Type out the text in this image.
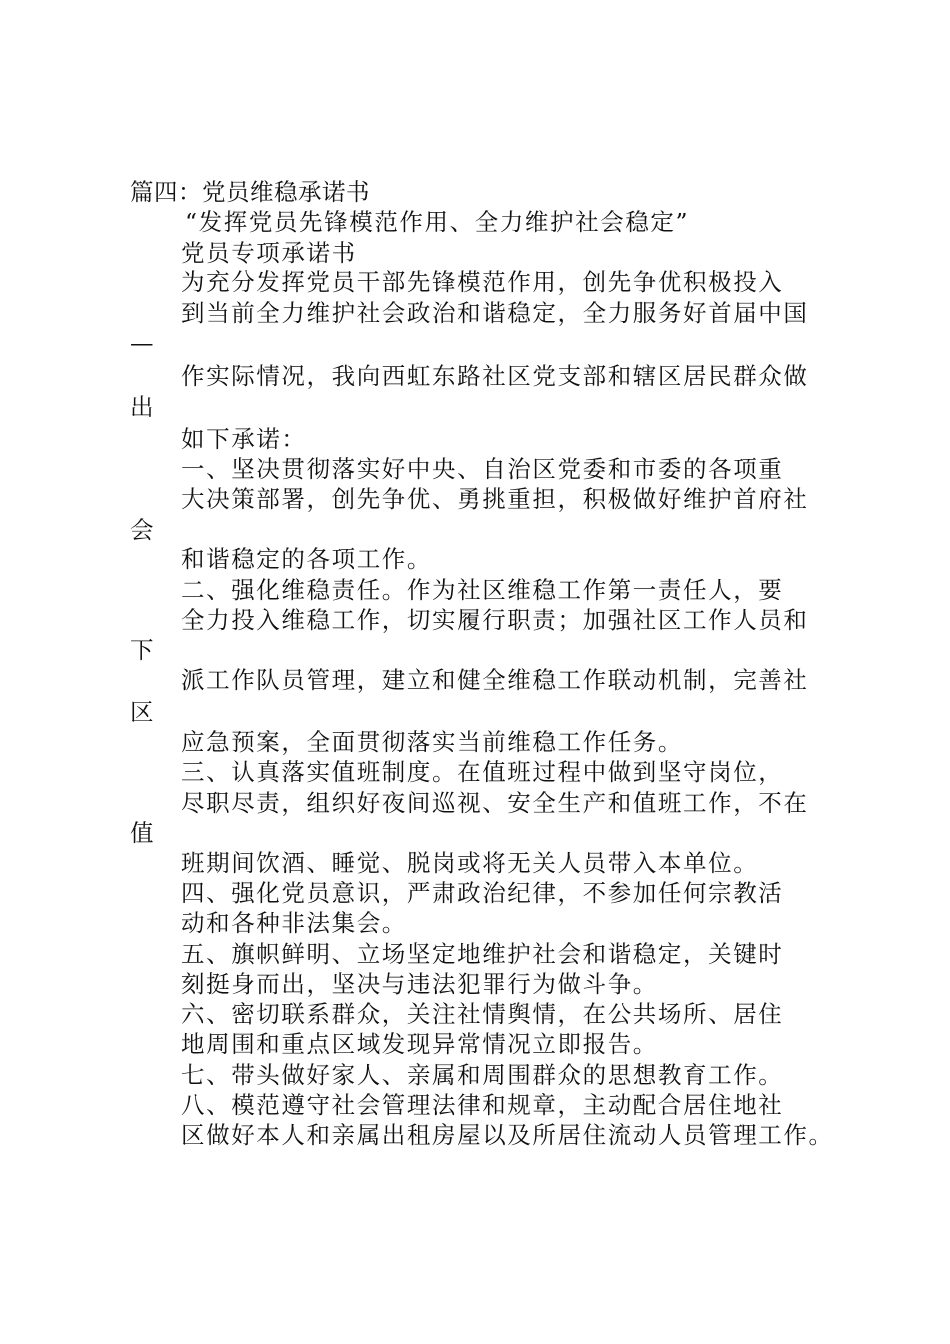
篇四：党员维稳承诺书
“发挥党员先锋模范作用、全力维护社会稳定”
党员专项承诺书
为充分发挥党员干部先锋模范作用，创先争优积极投入
到当前全力维护社会政治和谐稳定，全力服务好首届中国
—
作实际情况，我向西虹东路社区党支部和辖区居民群众做
出
如下承诺：
一、坚决贯彻落实好中央、自治区党委和市委的各项重
大决策部署，创先争优、勇挑重担，积极做好维护首府社
会
和谐稳定的各项工作。
二、强化维稳责任。作为社区维稳工作第一责任人，要
全力投入维稳工作，切实履行职责；加强社区工作人员和
下
派工作队员管理，建立和健全维稳工作联动机制，完善社
区
应急预案，全面贯彻落实当前维稳工作任务。
三、认真落实值班制度。在值班过程中做到坚守岗位，
尽职尽责，组织好夜间巡视、安全生产和值班工作，不在
值
班期间饮酒、睡觉、脱岗或将无关人员带入本单位。
四、强化党员意识，严肃政治纪律，不参加任何宗教活
动和各种非法集会。
五、旗帜鲜明、立场坚定地维护社会和谐稳定，关键时
刻挺身而出，坚决与违法犯罪行为做斗争。
六、密切联系群众，关注社情舆情，在公共场所、居住
地周围和重点区域发现异常情况立即报告。
七、带头做好家人、亲属和周围群众的思想教育工作。
八、模范遵守社会管理法律和规章，主动配合居住地社
区做好本人和亲属出租房屋以及所居住流动人员管理工作。
